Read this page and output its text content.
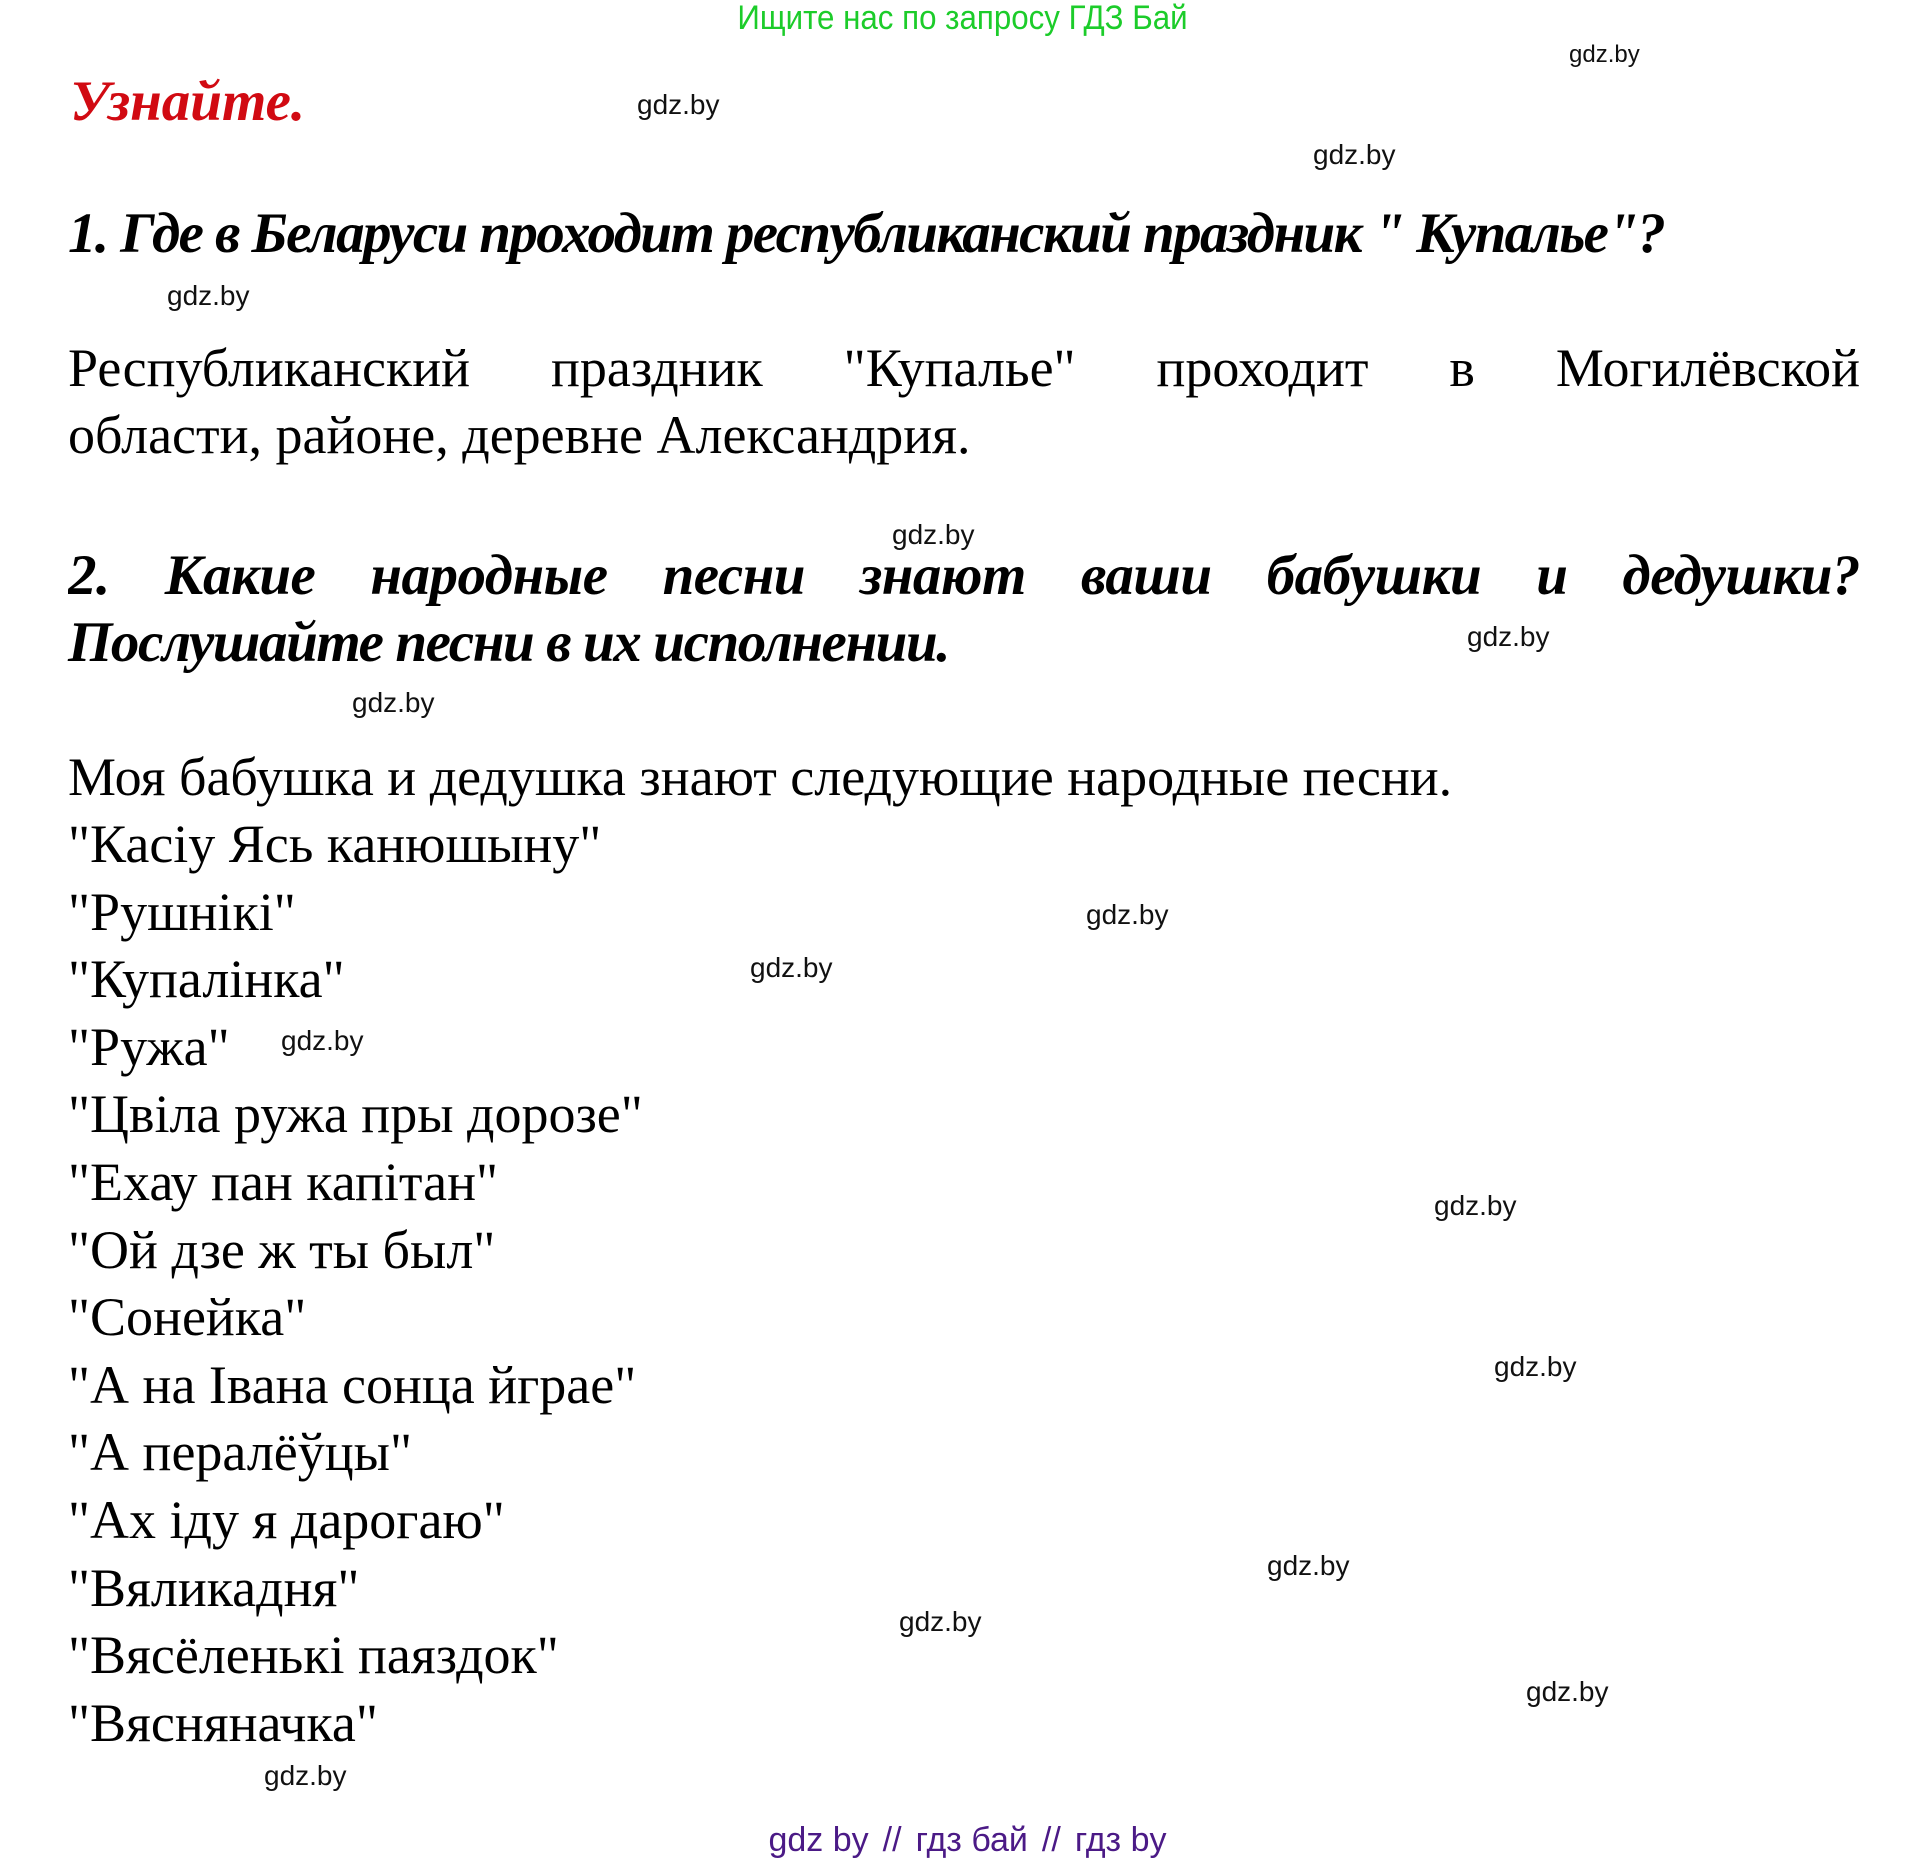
Ищите нас по запросу ГДЗ Бай
Узнайте.
gdz.by
gdz.by
gdz.by
gdz.by
gdz.by
gdz.by
gdz.by
gdz.by
gdz.by
gdz.by
gdz.by
gdz.by
gdz.by
gdz.by
gdz.by
gdz.by
1. Где в Беларуси проходит республиканский праздник " Купалье"?
Республиканский праздник "Купалье" проходит в Могилёвской
области, районе, деревне Александрия.
2. Какие народные песни знают ваши бабушки и дедушки?
Послушайте песни в их исполнении.
Моя бабушка и дедушка знают следующие народные песни.
"Касіу Ясь канюшыну"
"Рушнікі"
"Купалінка"
"Ружа"
"Цвіла ружа пры дорозе"
"Ехау пан капітан"
"Ой дзе ж ты был"
"Сонейка"
"А на Івана сонца йграе"
"А пералёўцы"
"Ах іду я дарогаю"
"Вяликадня"
"Вясёленькі паяздок"
"Вясняначка"
gdz by // гдз бай // гдз by
